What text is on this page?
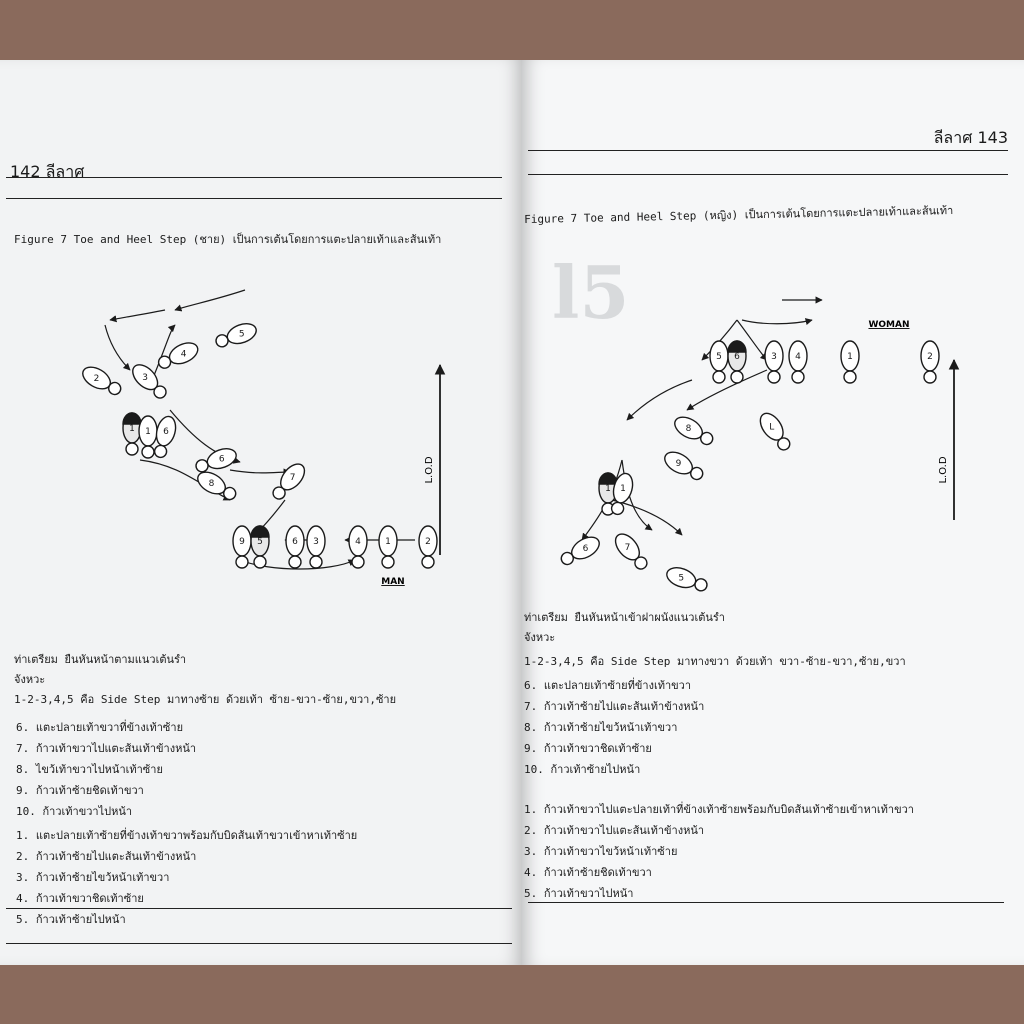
142 ลีลาศ
Figure 7 Toe and Heel Step (ชาย) เป็นการเต้นโดยการแตะปลายเท้าและส้นเท้า
L.O.D
5
4
3
2
1 1 6
6
7
8
9 5	6 3	4	1	2
MAN
ท่าเตรียม ยืนหันหน้าตามแนวเต้นรำ
จังหวะ
1-2-3,4,5 คือ Side Step มาทางซ้าย ด้วยเท้า ซ้าย-ขวา-ซ้าย,ขวา,ซ้าย
6. แตะปลายเท้าขวาที่ข้างเท้าซ้าย
7. ก้าวเท้าขวาไปแตะส้นเท้าข้างหน้า
8. ไขว้เท้าขวาไปหน้าเท้าซ้าย
9. ก้าวเท้าซ้ายชิดเท้าขวา
10. ก้าวเท้าขวาไปหน้า
1. แตะปลายเท้าซ้ายที่ข้างเท้าขวาพร้อมกับบิดส้นเท้าขวาเข้าหาเท้าซ้าย
2. ก้าวเท้าซ้ายไปแตะส้นเท้าข้างหน้า
3. ก้าวเท้าซ้ายไขว้หน้าเท้าขวา
4. ก้าวเท้าขวาชิดเท้าซ้าย
5. ก้าวเท้าซ้ายไปหน้า
l5
ลีลาศ 143
Figure 7 Toe and Heel Step (หญิง) เป็นการเต้นโดยการแตะปลายเท้าและส้นเท้า
L.O.D
5 6	3 4	1	2
8	L
9
1 1
6	7
5
WOMAN
ท่าเตรียม ยืนหันหน้าเข้าฝาผนังแนวเต้นรำ
จังหวะ
1-2-3,4,5 คือ Side Step มาทางขวา ด้วยเท้า ขวา-ซ้าย-ขวา,ซ้าย,ขวา
6. แตะปลายเท้าซ้ายที่ข้างเท้าขวา
7. ก้าวเท้าซ้ายไปแตะส้นเท้าข้างหน้า
8. ก้าวเท้าซ้ายไขว้หน้าเท้าขวา
9. ก้าวเท้าขวาชิดเท้าซ้าย
10. ก้าวเท้าซ้ายไปหน้า
1. ก้าวเท้าขวาไปแตะปลายเท้าที่ข้างเท้าซ้ายพร้อมกับบิดส้นเท้าซ้ายเข้าหาเท้าขวา
2. ก้าวเท้าขวาไปแตะส้นเท้าข้างหน้า
3. ก้าวเท้าขวาไขว้หน้าเท้าซ้าย
4. ก้าวเท้าซ้ายชิดเท้าขวา
5. ก้าวเท้าขวาไปหน้า
